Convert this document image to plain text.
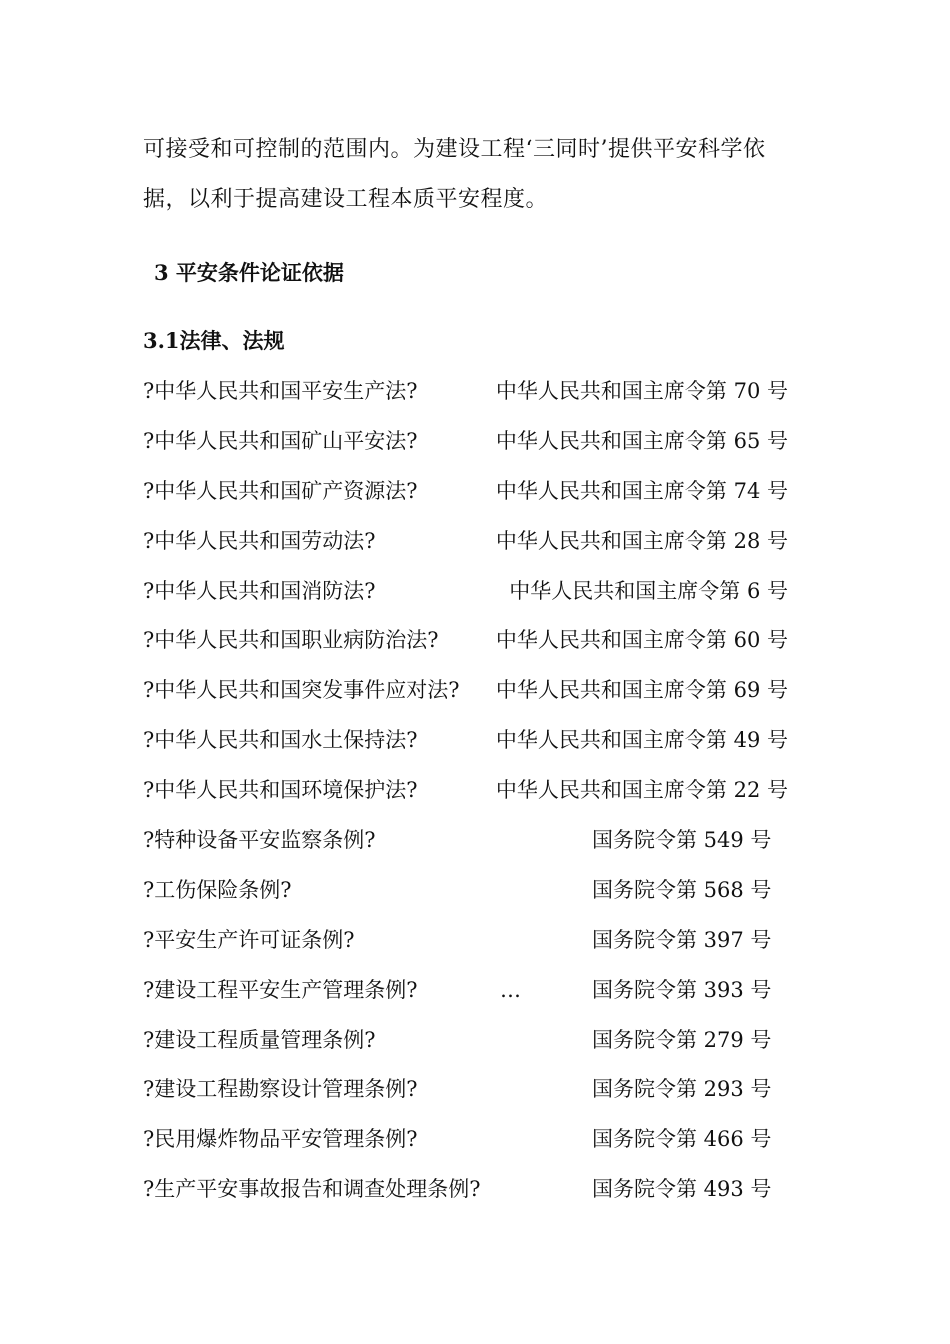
可接受和可控制的范围内。为建设工程‘三同时’提供平安科学依
据，以利于提高建设工程本质平安程度。
3 平安条件论证依据
3.1法律、法规
?中华人民共和国平安生产法?	中华人民共和国主席令第 70 号
?中华人民共和国矿山平安法?	中华人民共和国主席令第 65 号
?中华人民共和国矿产资源法?	中华人民共和国主席令第 74 号
?中华人民共和国劳动法?	中华人民共和国主席令第 28 号
?中华人民共和国消防法?	中华人民共和国主席令第 6 号
?中华人民共和国职业病防治法?	中华人民共和国主席令第 60 号
?中华人民共和国突发事件应对法? 中华人民共和国主席令第 69 号
?中华人民共和国水土保持法?	中华人民共和国主席令第 49 号
?中华人民共和国环境保护法?	中华人民共和国主席令第 22 号
?特种设备平安监察条例?	国务院令第 549 号
?工伤保险条例?	国务院令第 568 号
?平安生产许可证条例?	国务院令第 397 号
?建设工程平安生产管理条例?	…	国务院令第 393 号
?建设工程质量管理条例?	国务院令第 279 号
?建设工程勘察设计管理条例?	国务院令第 293 号
?民用爆炸物品平安管理条例?	国务院令第 466 号
?生产平安事故报告和调查处理条例?	国务院令第 493 号
